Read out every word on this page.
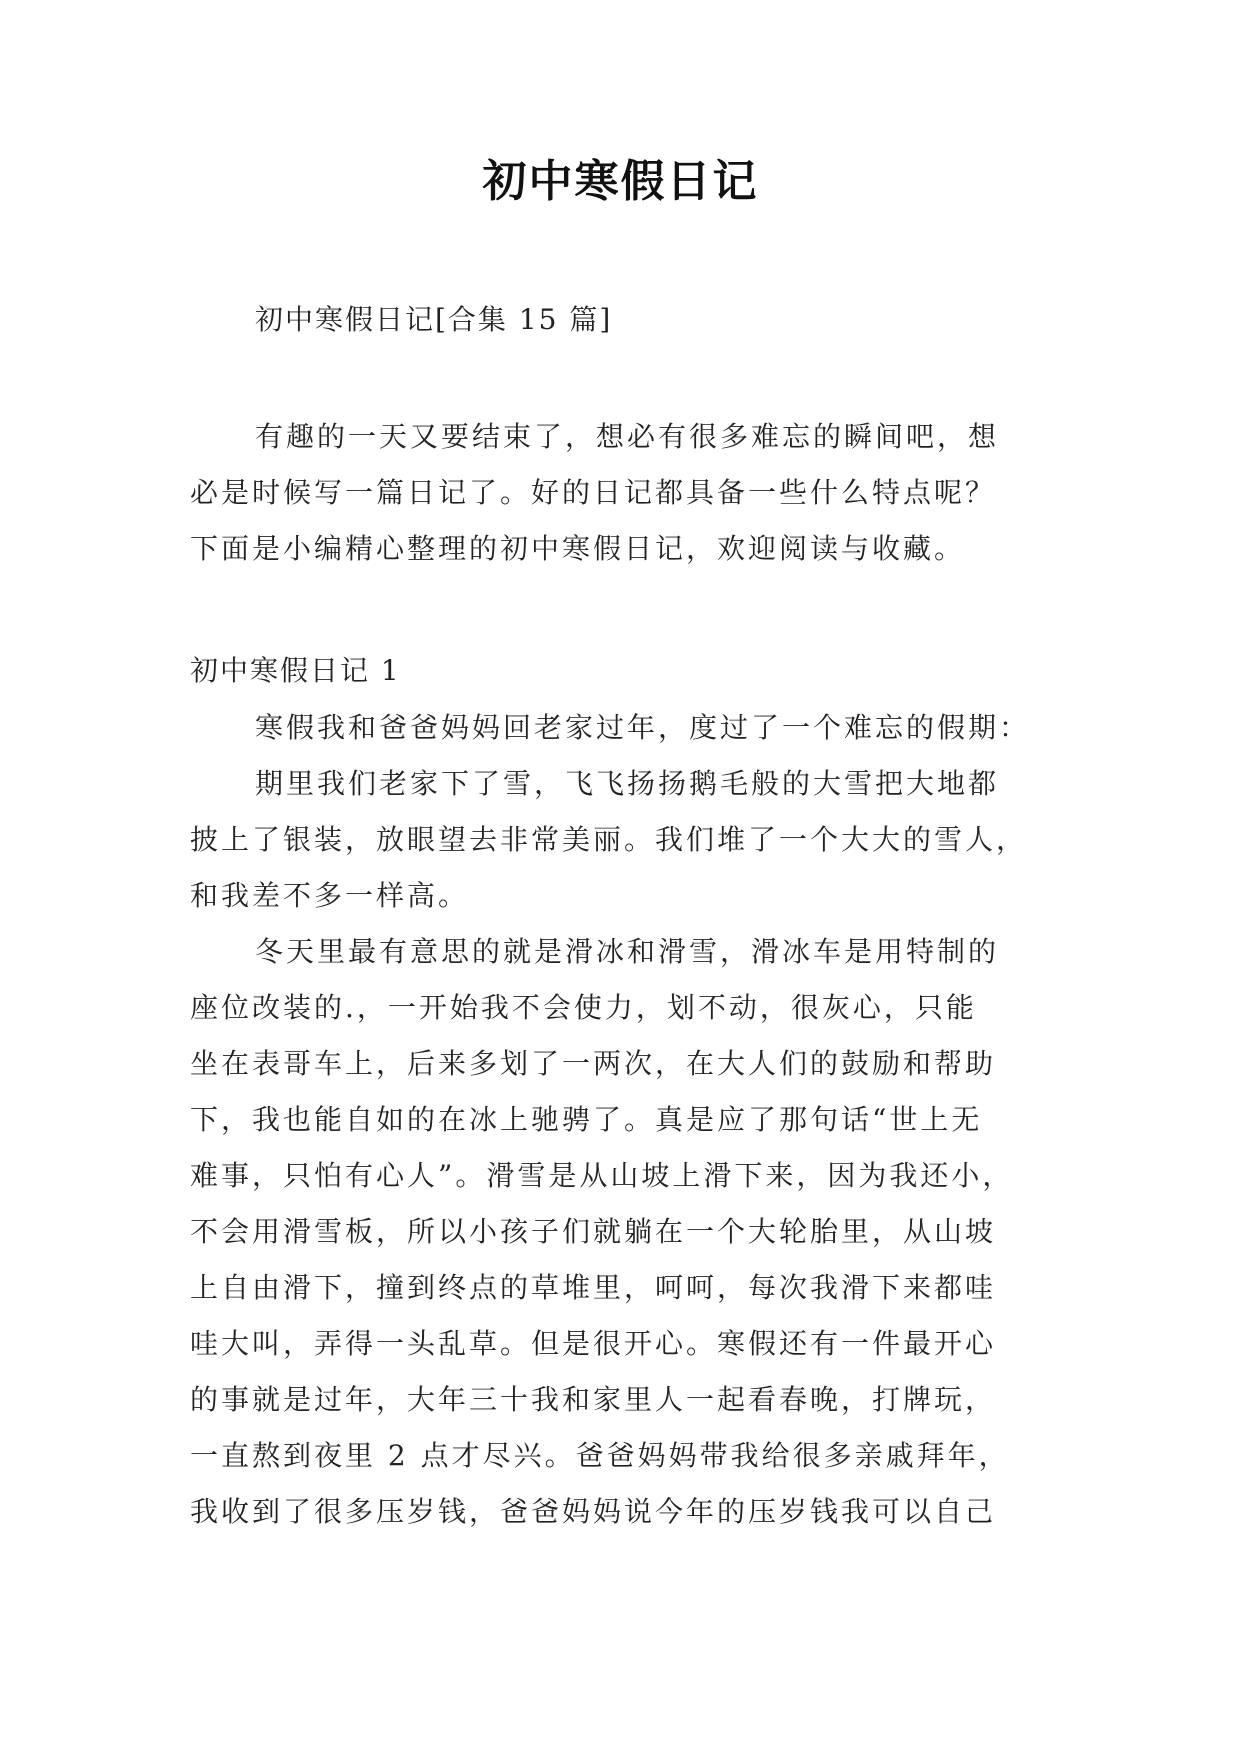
初中寒假日记
初中寒假日记[合集 15 篇]
有趣的一天又要结束了，想必有很多难忘的瞬间吧，想
必是时候写一篇日记了。好的日记都具备一些什么特点呢？
下面是小编精心整理的初中寒假日记，欢迎阅读与收藏。
初中寒假日记 1
寒假我和爸爸妈妈回老家过年，度过了一个难忘的假期：
期里我们老家下了雪，飞飞扬扬鹅毛般的大雪把大地都
披上了银装，放眼望去非常美丽。我们堆了一个大大的雪人，
和我差不多一样高。
冬天里最有意思的就是滑冰和滑雪，滑冰车是用特制的
座位改装的.，一开始我不会使力，划不动，很灰心，只能
坐在表哥车上，后来多划了一两次，在大人们的鼓励和帮助
下，我也能自如的在冰上驰骋了。真是应了那句话“世上无
难事，只怕有心人”。滑雪是从山坡上滑下来，因为我还小，
不会用滑雪板，所以小孩子们就躺在一个大轮胎里，从山坡
上自由滑下，撞到终点的草堆里，呵呵，每次我滑下来都哇
哇大叫，弄得一头乱草。但是很开心。寒假还有一件最开心
的事就是过年，大年三十我和家里人一起看春晚，打牌玩，
一直熬到夜里 2 点才尽兴。爸爸妈妈带我给很多亲戚拜年，
我收到了很多压岁钱，爸爸妈妈说今年的压岁钱我可以自己
